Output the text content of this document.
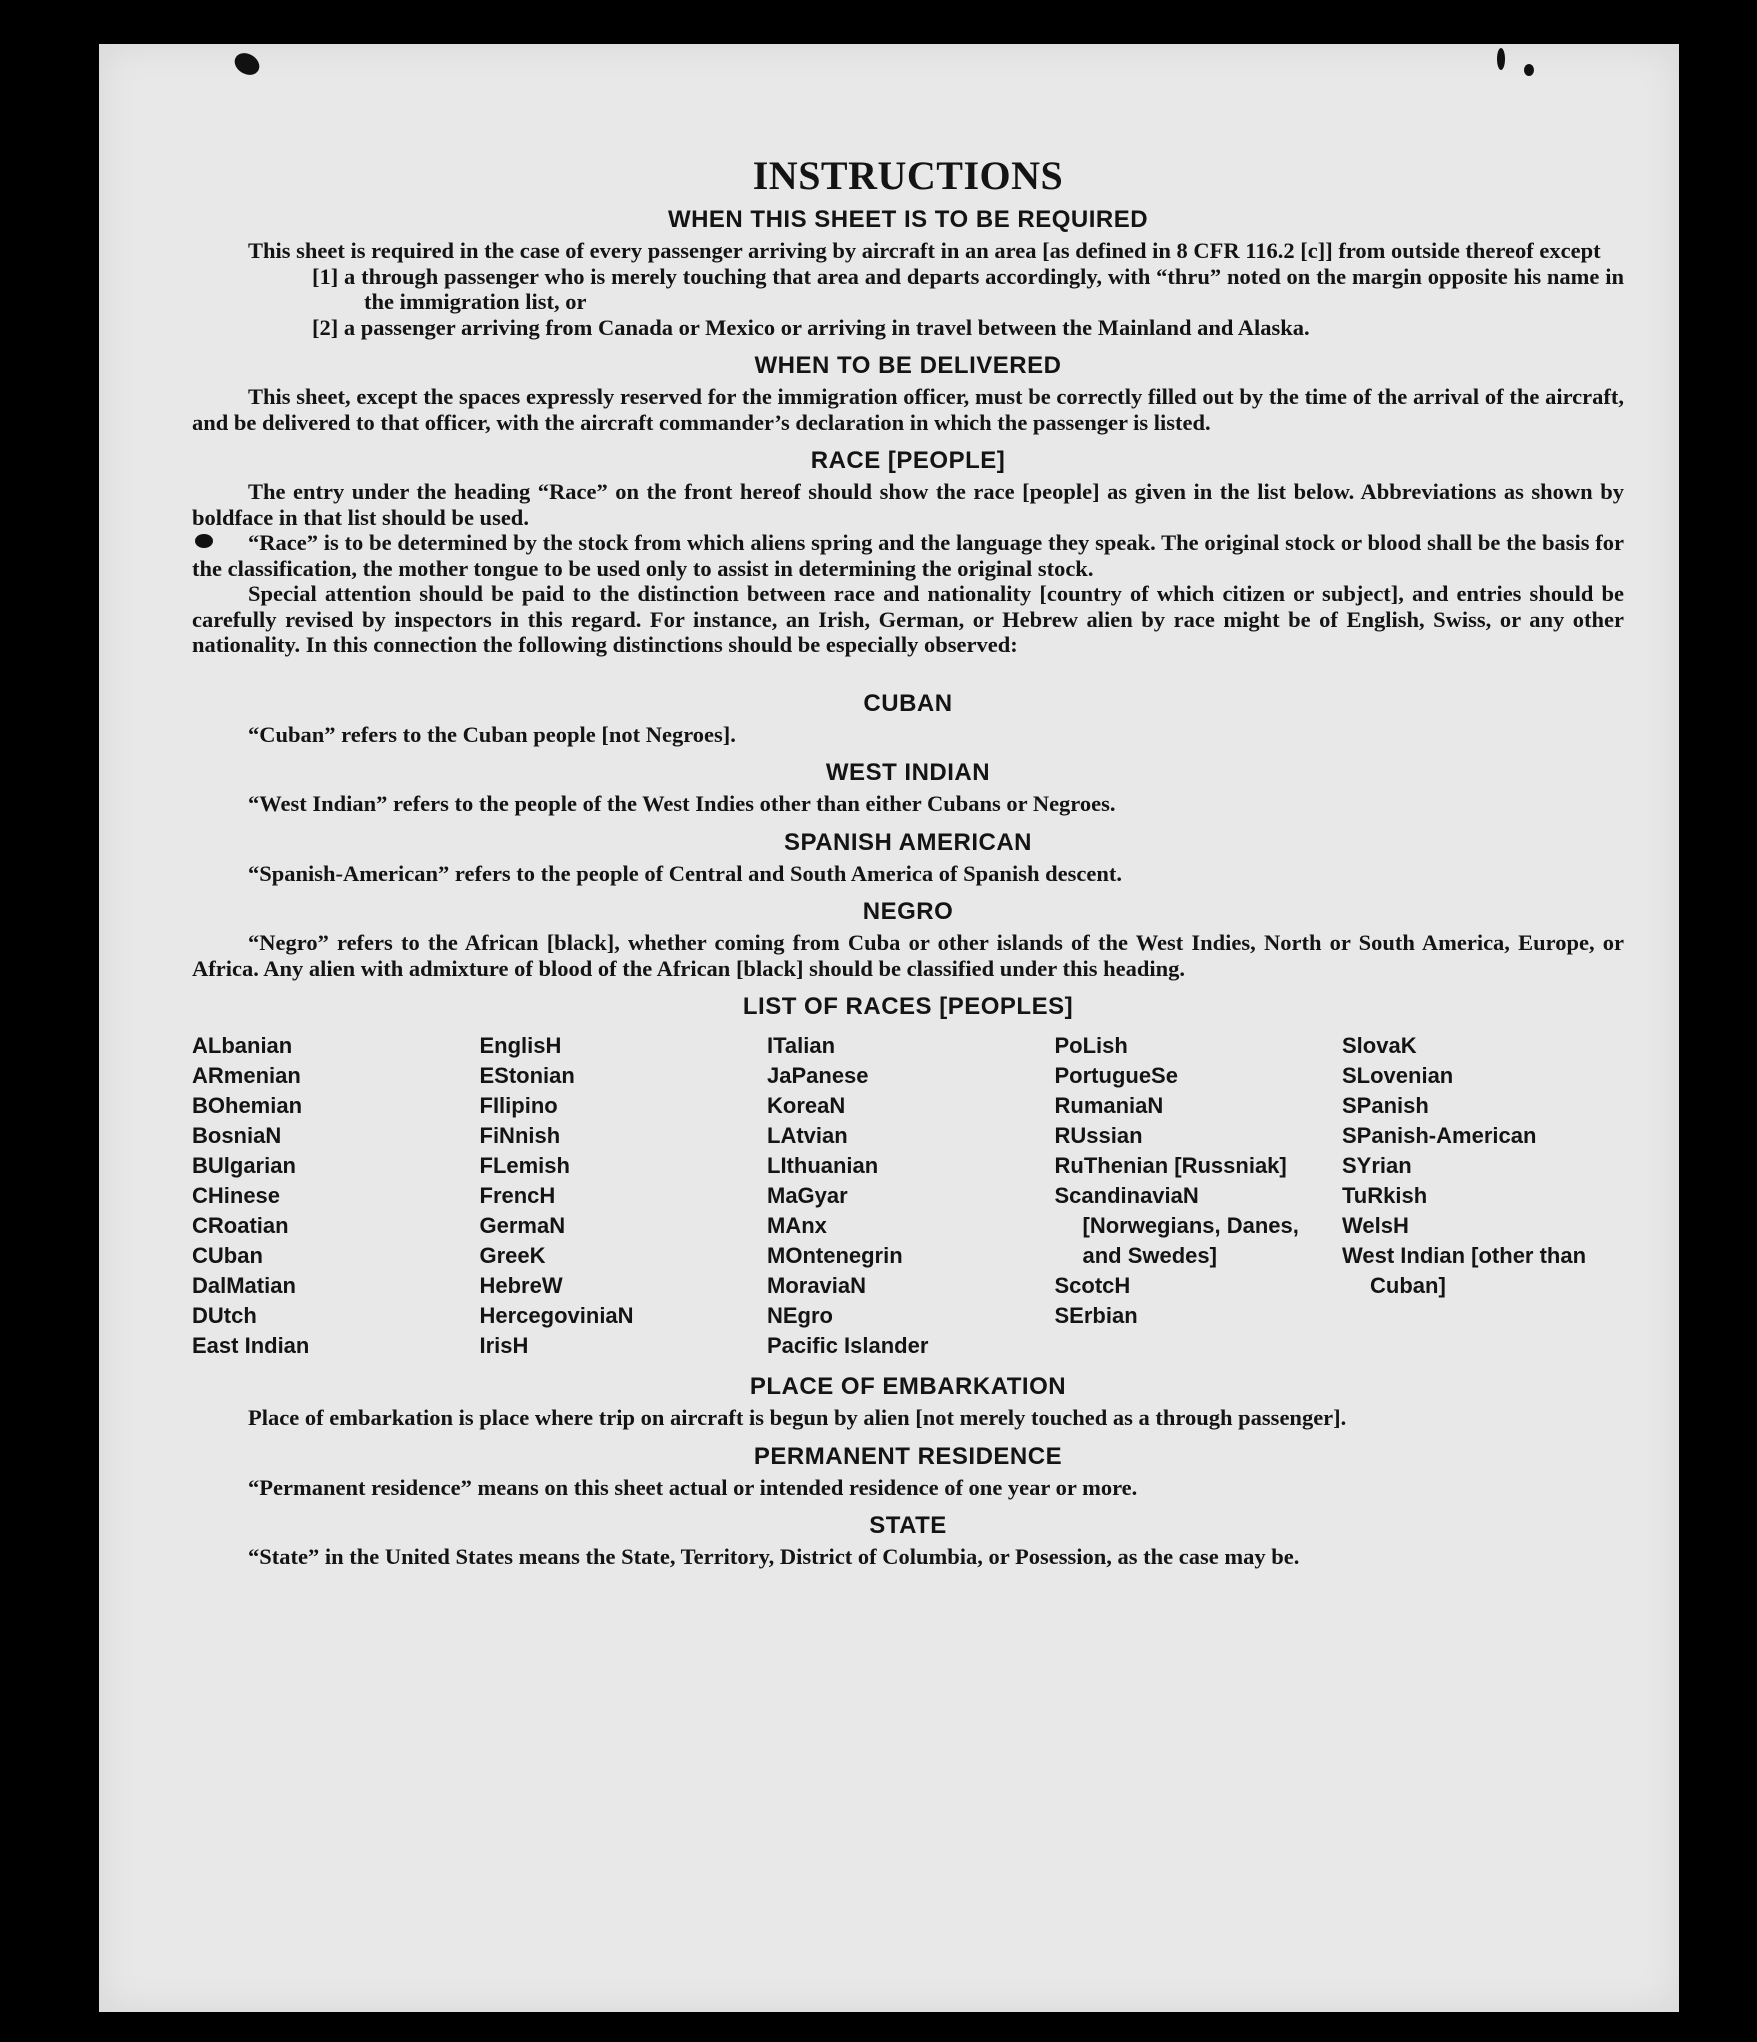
INSTRUCTIONS
WHEN THIS SHEET IS TO BE REQUIRED

This sheet is required in the case of every passenger arriving by aircraft in an area [as defined in 8 CFR 116.2 [c]] from outside thereof except

[1] a through passenger who is merely touching that area and departs accordingly, with “thru” noted on the margin opposite his name in the immigration list, or
[2] a passenger arriving from Canada or Mexico or arriving in travel between the Mainland and Alaska.
WHEN TO BE DELIVERED

This sheet, except the spaces expressly reserved for the immigration officer, must be correctly filled out by the time of the arrival of the aircraft, and be delivered to that officer, with the aircraft commander’s declaration in which the passenger is listed.

RACE [PEOPLE]

The entry under the heading “Race” on the front hereof should show the race [people] as given in the list below. Abbreviations as shown by boldface in that list should be used.

“Race” is to be determined by the stock from which aliens spring and the language they speak. The original stock or blood shall be the basis for the classification, the mother tongue to be used only to assist in determining the original stock.

Special attention should be paid to the distinction between race and nationality [country of which citizen or subject], and entries should be carefully revised by inspectors in this regard. For instance, an Irish, German, or Hebrew alien by race might be of English, Swiss, or any other nationality. In this connection the following distinctions should be especially observed:

CUBAN

“Cuban” refers to the Cuban people [not Negroes].

WEST INDIAN

“West Indian” refers to the people of the West Indies other than either Cubans or Negroes.

SPANISH AMERICAN

“Spanish-American” refers to the people of Central and South America of Spanish descent.

NEGRO

“Negro” refers to the African [black], whether coming from Cuba or other islands of the West Indies, North or South America, Europe, or Africa. Any alien with admixture of blood of the African [black] should be classified under this heading.

LIST OF RACES [PEOPLES]
ALbanian
ARmenian
BOhemian
BosniaN
BUlgarian
CHinese
CRoatian
CUban
DalMatian
DUtch
East Indian
EnglisH
EStonian
FIlipino
FiNnish
FLemish
FrencH
GermaN
GreeK
HebreW
HercegoviniaN
IrisH
ITalian
JaPanese
KoreaN
LAtvian
LIthuanian
MaGyar
MAnx
MOntenegrin
MoraviaN
NEgro
Pacific Islander
PoLish
PortugueSe
RumaniaN
RUssian
RuThenian [Russniak]
ScandinaviaN [Norwegians, Danes, and Swedes]
ScotcH
SErbian
SlovaK
SLovenian
SPanish
SPanish-American
SYrian
TuRkish
WelsH
West Indian [other than Cuban]
PLACE OF EMBARKATION

Place of embarkation is place where trip on aircraft is begun by alien [not merely touched as a through passenger].

PERMANENT RESIDENCE

“Permanent residence” means on this sheet actual or intended residence of one year or more.

STATE

“State” in the United States means the State, Territory, District of Columbia, or Posession, as the case may be.
